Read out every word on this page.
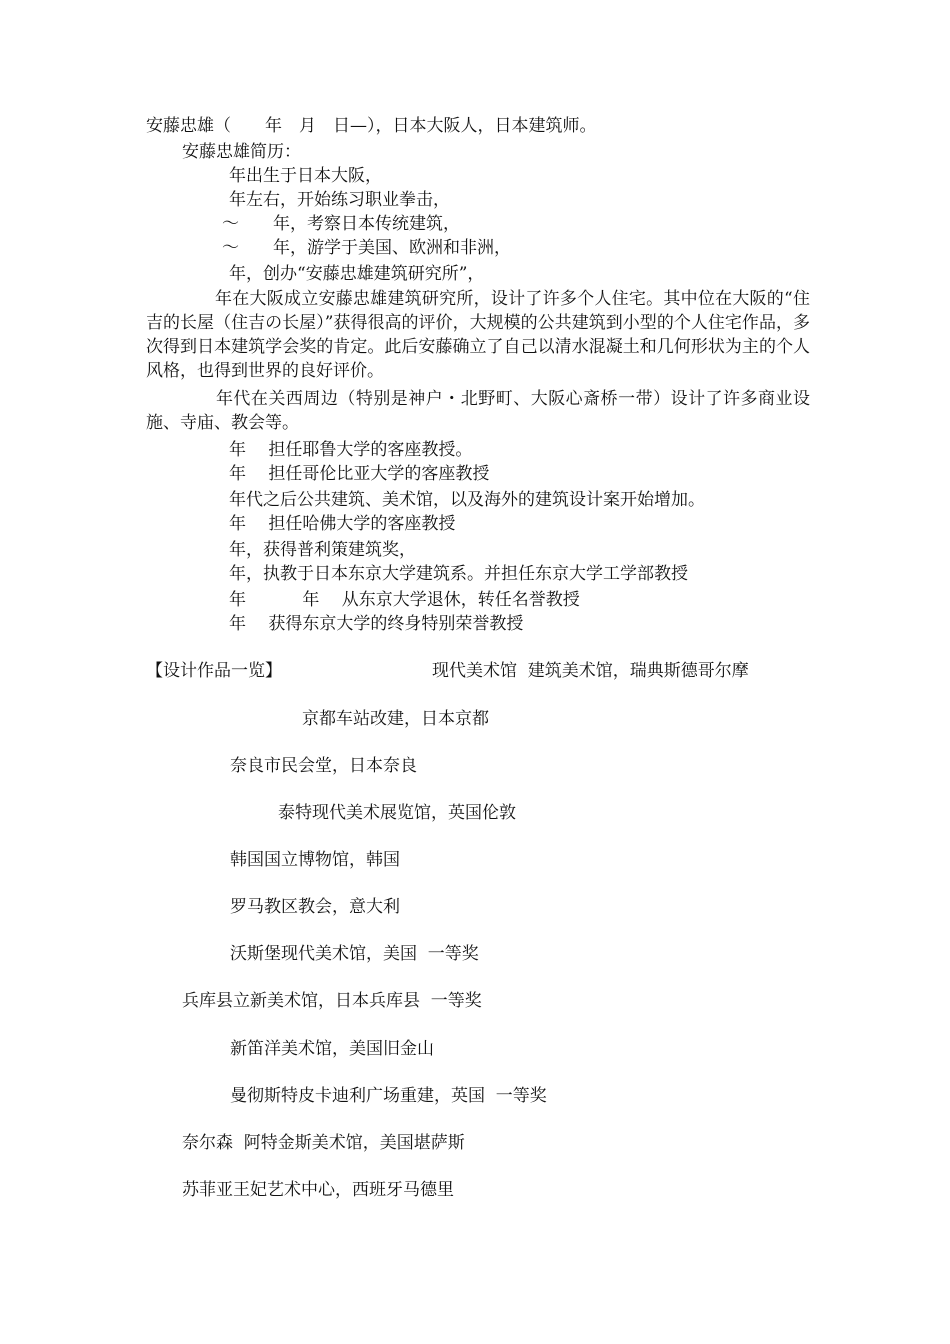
安藤忠雄（　　年　月　日—），日本大阪人，日本建筑师。
安藤忠雄简历：
年出生于日本大阪，
年左右，开始练习职业拳击，
～　　年，考察日本传统建筑，
～　　年，游学于美国、欧洲和非洲，
年，创办“安藤忠雄建筑研究所”，
　　　　年在大阪成立安藤忠雄建筑研究所，设计了许多个人住宅。其中位在大阪的“住吉的长屋（住吉の长屋）”获得很高的评价，大规模的公共建筑到小型的个人住宅作品，多次得到日本建筑学会奖的肯定。此后安藤确立了自己以清水混凝土和几何形状为主的个人风格，也得到世界的良好评价。
　　　　年代在关西周边（特别是神户・北野町、大阪心斎桥一带）设计了许多商业设施、寺庙、教会等。
年　 担任耶鲁大学的客座教授。
年　 担任哥伦比亚大学的客座教授
年代之后公共建筑、美术馆，以及海外的建筑设计案开始增加。
年　 担任哈佛大学的客座教授
年，获得普利策建筑奖，
年，执教于日本东京大学建筑系。并担任东京大学工学部教授
年　　　 年　 从东京大学退休，转任名誉教授
年　 获得东京大学的终身特别荣誉教授
【设计作品一览】	现代美术馆  建筑美术馆，瑞典斯德哥尔摩
京都车站改建，日本京都
奈良市民会堂，日本奈良
泰特现代美术展览馆，英国伦敦
韩国国立博物馆，韩国
罗马教区教会，意大利
沃斯堡现代美术馆，美国  一等奖
兵库县立新美术馆，日本兵库县  一等奖
新笛洋美术馆，美国旧金山
曼彻斯特皮卡迪利广场重建，英国  一等奖
奈尔森  阿特金斯美术馆，美国堪萨斯
苏菲亚王妃艺术中心，西班牙马德里
